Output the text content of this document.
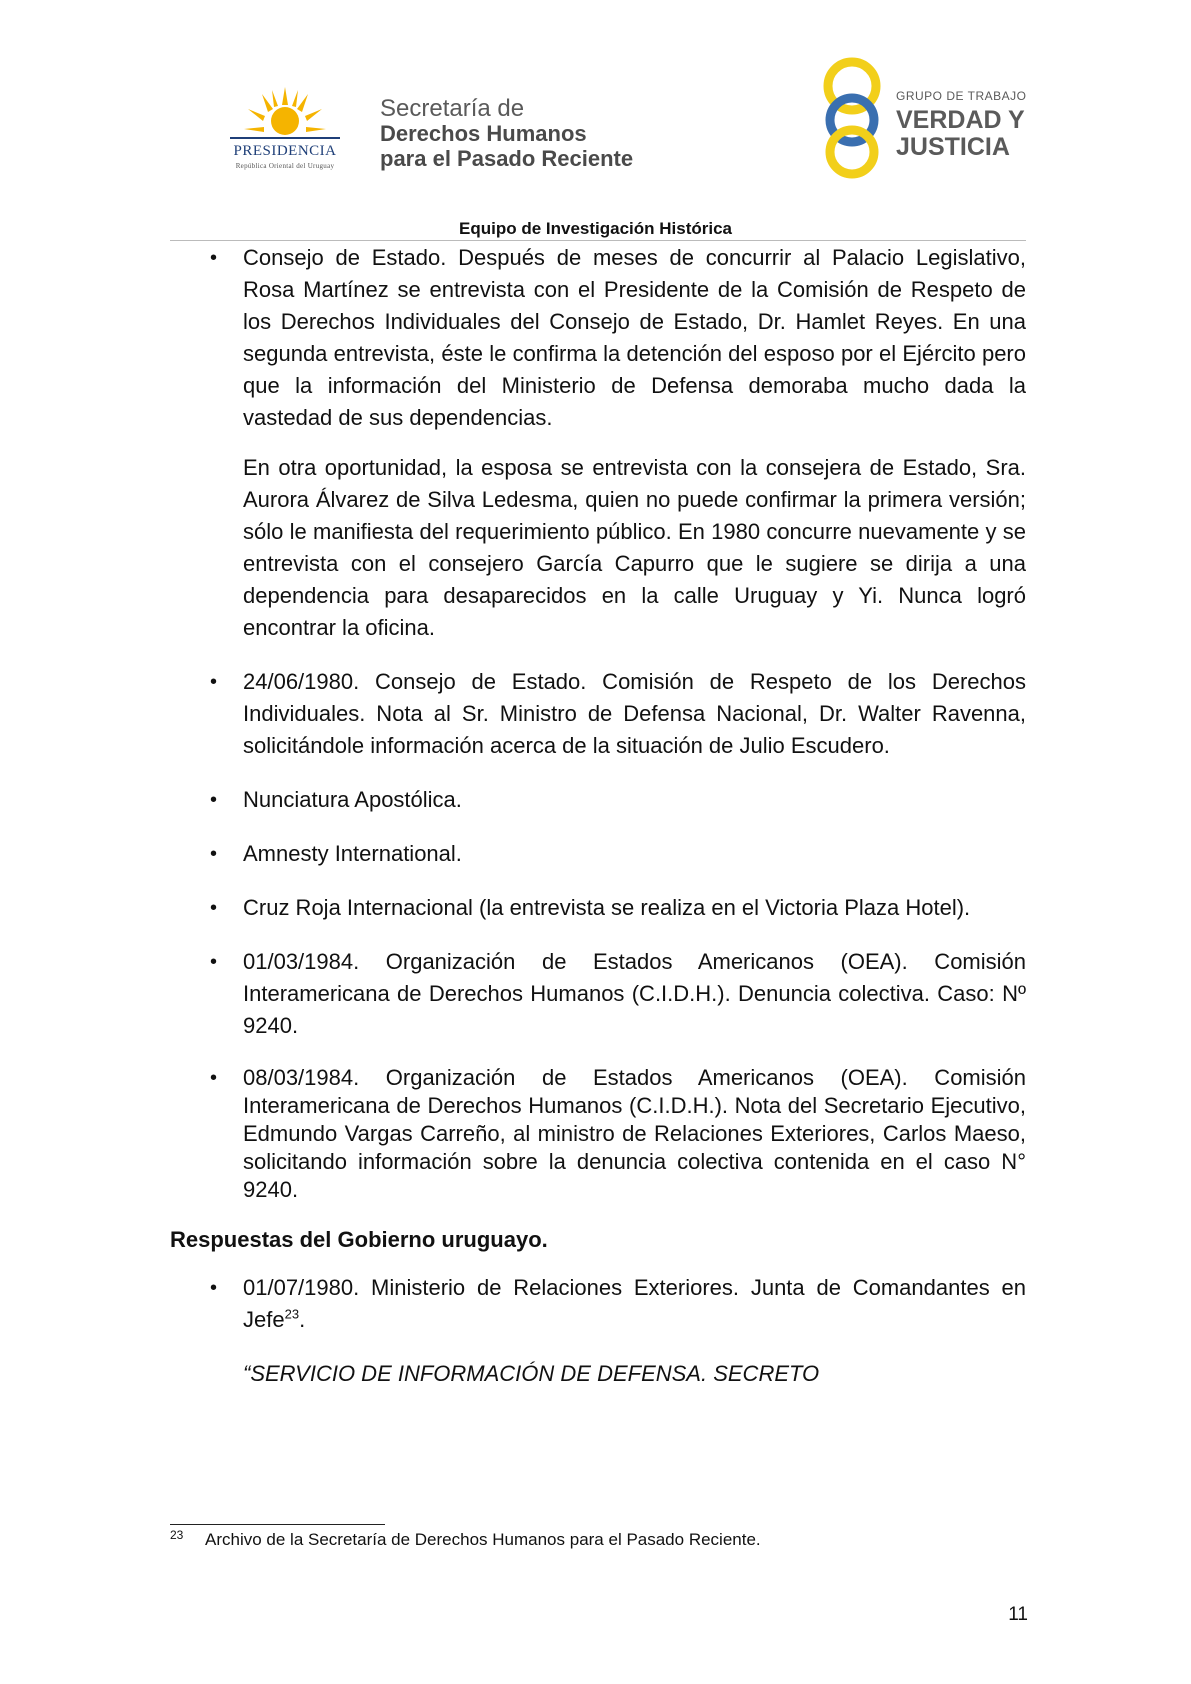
PRESIDENCIA
República Oriental del Uruguay
Secretaría de
Derechos Humanos
para el Pasado Reciente
GRUPO DE TRABAJO
VERDAD Y
JUSTICIA
Equipo de Investigación Histórica
• Consejo de Estado. Después de meses de concurrir al Palacio Legislativo, Rosa Martínez se entrevista con el Presidente de la Comisión de Respeto de los Derechos Individuales del Consejo de Estado, Dr. Hamlet Reyes. En una segunda entrevista, éste le confirma la detención del esposo por el Ejército pero que la información del Ministerio de Defensa demoraba mucho dada la vastedad de sus dependencias.
En otra oportunidad, la esposa se entrevista con la consejera de Estado, Sra. Aurora Álvarez de Silva Ledesma, quien no puede confirmar la primera versión; sólo le manifiesta del requerimiento público. En 1980 concurre nuevamente y se entrevista con el consejero García Capurro que le sugiere se dirija a una dependencia para desaparecidos en la calle Uruguay y Yi. Nunca logró encontrar la oficina.
• 24/06/1980. Consejo de Estado. Comisión de Respeto de los Derechos Individuales. Nota al Sr. Ministro de Defensa Nacional, Dr. Walter Ravenna, solicitándole información acerca de la situación de Julio Escudero.
• Nunciatura Apostólica.
• Amnesty International.
• Cruz Roja Internacional (la entrevista se realiza en el Victoria Plaza Hotel).
• 01/03/1984. Organización de Estados Americanos (OEA). Comisión Interamericana de Derechos Humanos (C.I.D.H.). Denuncia colectiva. Caso: Nº 9240.
• 08/03/1984. Organización de Estados Americanos (OEA). Comisión Interamericana de Derechos Humanos (C.I.D.H.). Nota del Secretario Ejecutivo, Edmundo Vargas Carreño, al ministro de Relaciones Exteriores, Carlos Maeso, solicitando información sobre la denuncia colectiva contenida en el caso N° 9240.
Respuestas del Gobierno uruguayo.
• 01/07/1980. Ministerio de Relaciones Exteriores. Junta de Comandantes en Jefe$^{23}$.
“SERVICIO DE INFORMACIÓN DE DEFENSA. SECRETO
23 Archivo de la Secretaría de Derechos Humanos para el Pasado Reciente.
11
